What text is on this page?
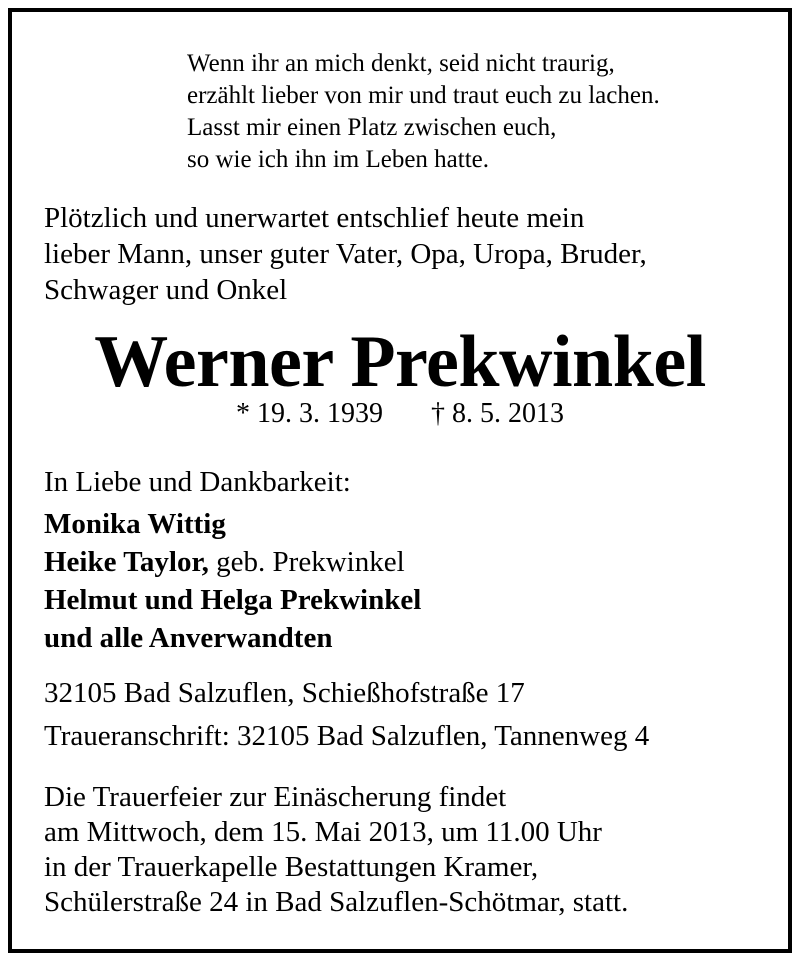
Wenn ihr an mich denkt, seid nicht traurig,
erzählt lieber von mir und traut euch zu lachen.
Lasst mir einen Platz zwischen euch,
so wie ich ihn im Leben hatte.
Plötzlich und unerwartet entschlief heute mein
lieber Mann, unser guter Vater, Opa, Uropa, Bruder,
Schwager und Onkel
Werner Prekwinkel
* 19. 3. 1939 † 8. 5. 2013
In Liebe und Dankbarkeit:
Monika Wittig
Heike Taylor, geb. Prekwinkel
Helmut und Helga Prekwinkel
und alle Anverwandten
32105 Bad Salzuflen, Schießhofstraße 17
Traueranschrift: 32105 Bad Salzuflen, Tannenweg 4
Die Trauerfeier zur Einäscherung findet
am Mittwoch, dem 15. Mai 2013, um 11.00 Uhr
in der Trauerkapelle Bestattungen Kramer,
Schülerstraße 24 in Bad Salzuflen-Schötmar, statt.
